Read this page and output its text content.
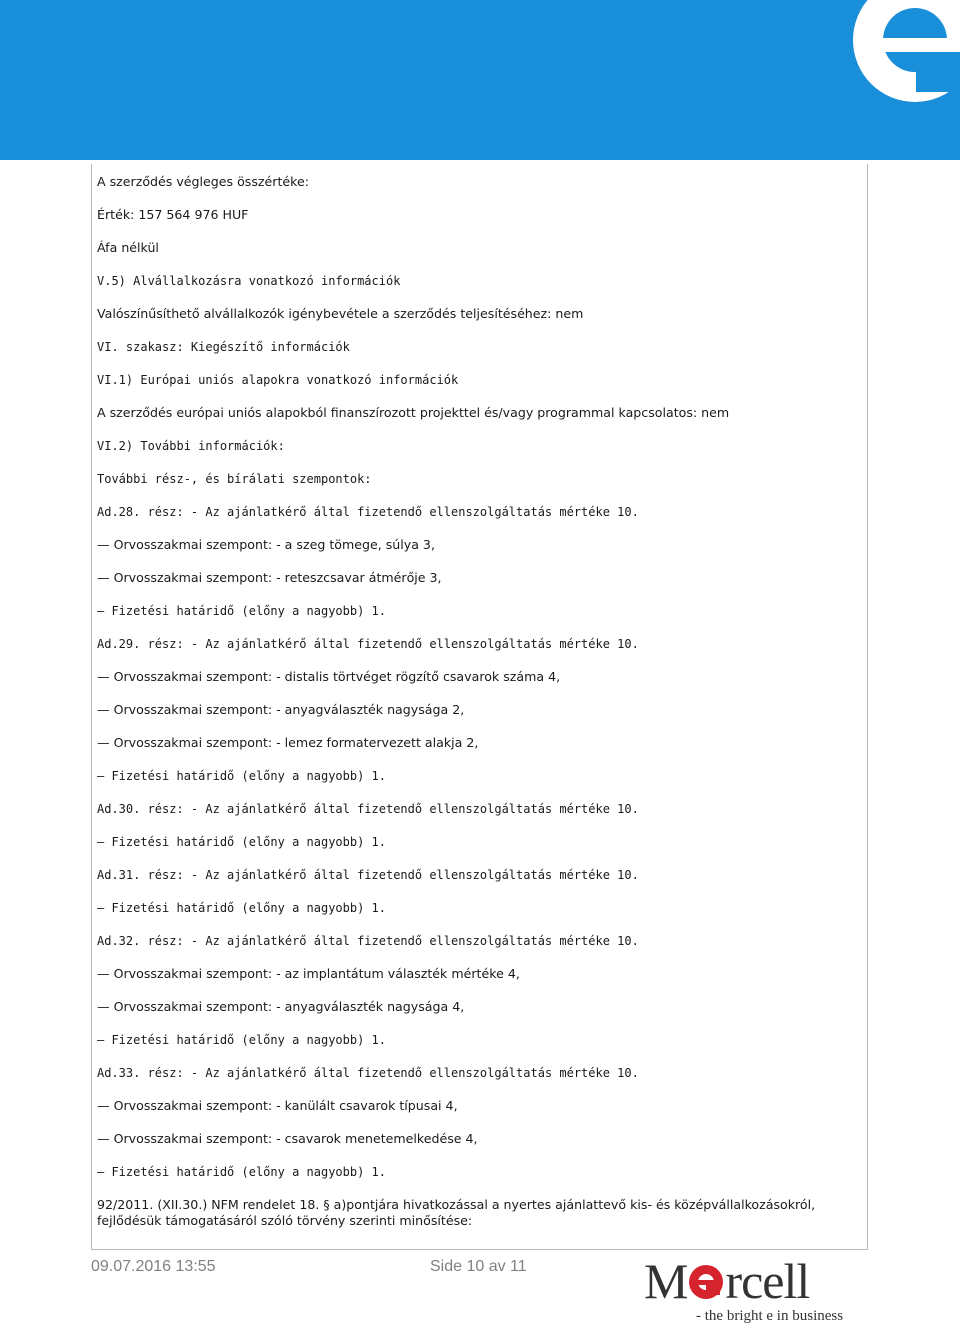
A szerződés végleges összértéke:
Érték: 157 564 976 HUF
Áfa nélkül
V.5) Alvállalkozásra vonatkozó információk
Valószínűsíthető alvállalkozók igénybevétele a szerződés teljesítéséhez: nem
VI. szakasz: Kiegészítő információk
VI.1) Európai uniós alapokra vonatkozó információk
A szerződés európai uniós alapokból finanszírozott projekttel és/vagy programmal kapcsolatos: nem
VI.2) További információk:
További rész-, és bírálati szempontok:
Ad.28. rész: - Az ajánlatkérő által fizetendő ellenszolgáltatás mértéke 10.
— Orvosszakmai szempont: - a szeg tömege, súlya 3,
— Orvosszakmai szempont: - reteszcsavar átmérője 3,
— Fizetési határidő (előny a nagyobb) 1.
Ad.29. rész: - Az ajánlatkérő által fizetendő ellenszolgáltatás mértéke 10.
— Orvosszakmai szempont: - distalis törtvéget rögzítő csavarok száma 4,
— Orvosszakmai szempont: - anyagválaszték nagysága 2,
— Orvosszakmai szempont: - lemez formatervezett alakja 2,
— Fizetési határidő (előny a nagyobb) 1.
Ad.30. rész: - Az ajánlatkérő által fizetendő ellenszolgáltatás mértéke 10.
— Fizetési határidő (előny a nagyobb) 1.
Ad.31. rész: - Az ajánlatkérő által fizetendő ellenszolgáltatás mértéke 10.
— Fizetési határidő (előny a nagyobb) 1.
Ad.32. rész: - Az ajánlatkérő által fizetendő ellenszolgáltatás mértéke 10.
— Orvosszakmai szempont: - az implantátum választék mértéke 4,
— Orvosszakmai szempont: - anyagválaszték nagysága 4,
— Fizetési határidő (előny a nagyobb) 1.
Ad.33. rész: - Az ajánlatkérő által fizetendő ellenszolgáltatás mértéke 10.
— Orvosszakmai szempont: - kanülált csavarok típusai 4,
— Orvosszakmai szempont: - csavarok menetemelkedése 4,
— Fizetési határidő (előny a nagyobb) 1.
92/2011. (XII.30.) NFM rendelet 18. § a)pontjára hivatkozással a nyertes ajánlattevő kis- és középvállalkozásokról, fejlődésük támogatásáról szóló törvény szerinti minősítése:
09.07.2016 13:55	Side 10 av 11 M rcell
- the bright e in business
